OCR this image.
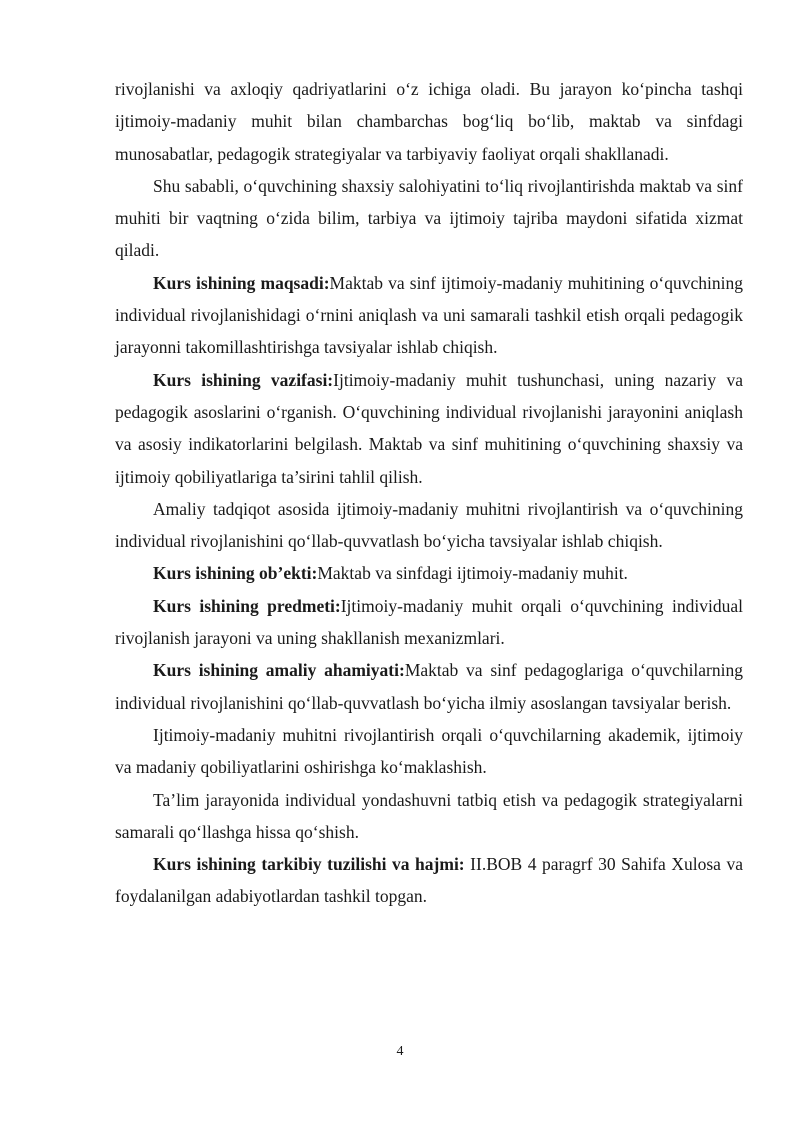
rivojlanishi va axloqiy qadriyatlarini o‘z ichiga oladi. Bu jarayon ko‘pincha tashqi ijtimoiy-madaniy muhit bilan chambarchas bog‘liq bo‘lib, maktab va sinfdagi munosabatlar, pedagogik strategiyalar va tarbiyaviy faoliyat orqali shakllanadi.

Shu sababli, o‘quvchining shaxsiy salohiyatini to‘liq rivojlantirishda maktab va sinf muhiti bir vaqtning o‘zida bilim, tarbiya va ijtimoiy tajriba maydoni sifatida xizmat qiladi.

Kurs ishining maqsadi:Maktab va sinf ijtimoiy-madaniy muhitining o‘quvchining individual rivojlanishidagi o‘rnini aniqlash va uni samarali tashkil etish orqali pedagogik jarayonni takomillashtirishga tavsiyalar ishlab chiqish.

Kurs ishining vazifasi:Ijtimoiy-madaniy muhit tushunchasi, uning nazariy va pedagogik asoslarini o‘rganish. O‘quvchining individual rivojlanishi jarayonini aniqlash va asosiy indikatorlarini belgilash. Maktab va sinf muhitining o‘quvchining shaxsiy va ijtimoiy qobiliyatlariga ta’sirini tahlil qilish.

Amaliy tadqiqot asosida ijtimoiy-madaniy muhitni rivojlantirish va o‘quvchining individual rivojlanishini qo‘llab-quvvatlash bo‘yicha tavsiyalar ishlab chiqish.

Kurs ishining ob’ekti:Maktab va sinfdagi ijtimoiy-madaniy muhit.

Kurs ishining predmeti:Ijtimoiy-madaniy muhit orqali o‘quvchining individual rivojlanish jarayoni va uning shakllanish mexanizmlari.

Kurs ishining amaliy ahamiyati:Maktab va sinf pedagoglariga o‘quvchilarning individual rivojlanishini qo‘llab-quvvatlash bo‘yicha ilmiy asoslangan tavsiyalar berish.

Ijtimoiy-madaniy muhitni rivojlantirish orqali o‘quvchilarning akademik, ijtimoiy va madaniy qobiliyatlarini oshirishga ko‘maklashish.

Ta’lim jarayonida individual yondashuvni tatbiq etish va pedagogik strategiyalarni samarali qo‘llashga hissa qo‘shish.

Kurs ishining tarkibiy tuzilishi va hajmi: II.BOB 4 paragrf 30 Sahifa Xulosa va foydalanilgan adabiyotlardan tashkil topgan.

4
